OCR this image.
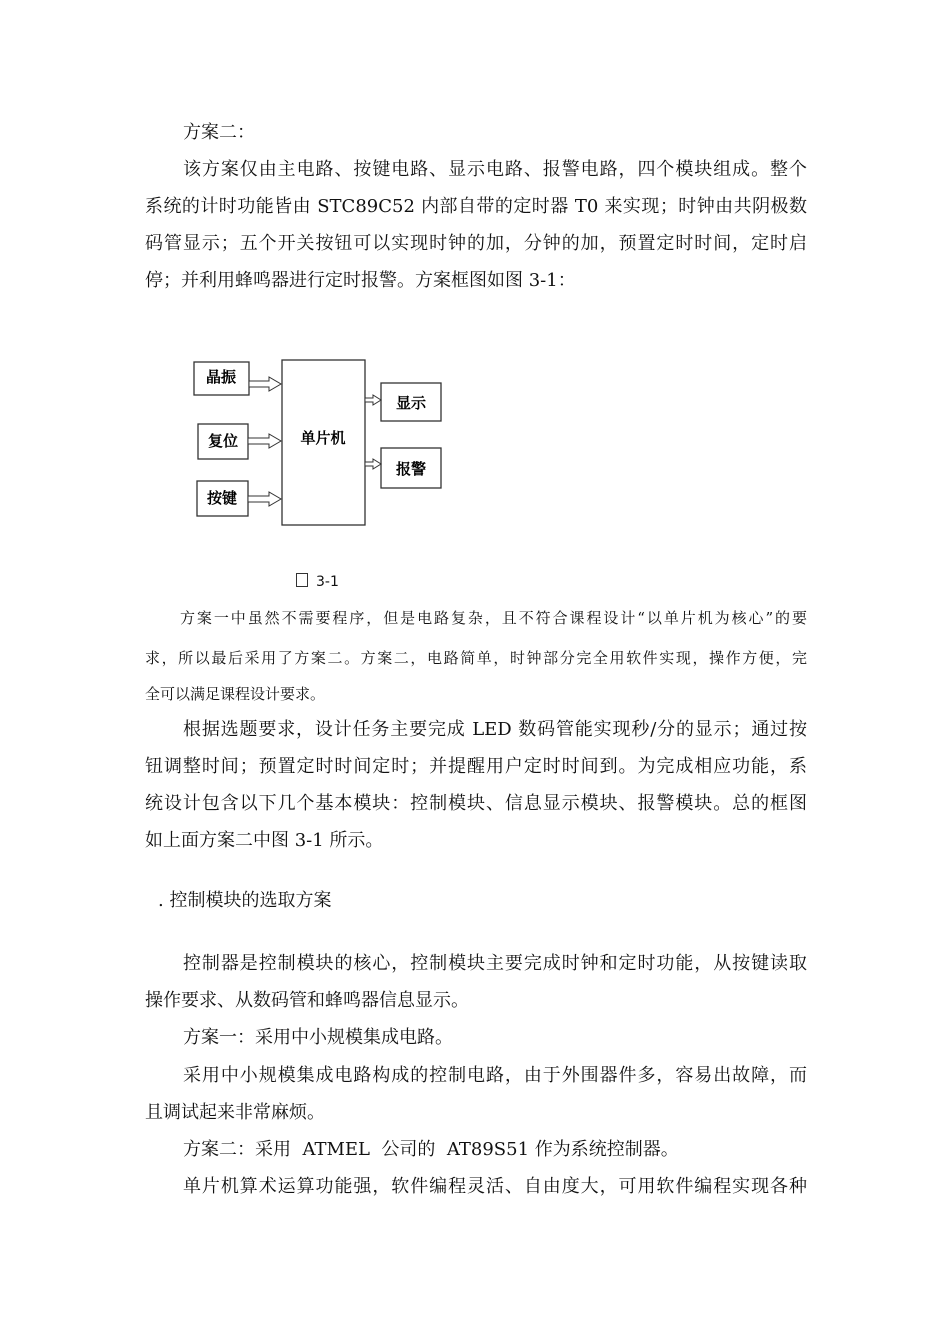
方案二：
该方案仅由主电路、按键电路、显示电路、报警电路，四个模块组成。整个
系统的计时功能皆由 STC89C52 内部自带的定时器 T0 来实现；时钟由共阴极数
码管显示；五个开关按钮可以实现时钟的加，分钟的加，预置定时时间，定时启
停；并利用蜂鸣器进行定时报警。方案框图如图 3-1：
晶振
复位
按键
单片机
显示
报警
3-1
方案一中虽然不需要程序，但是电路复杂，且不符合课程设计“以单片机为核心”的要
求，所以最后采用了方案二。方案二，电路简单，时钟部分完全用软件实现，操作方便，完
全可以满足课程设计要求。
根据选题要求，设计任务主要完成 LED 数码管能实现秒/分的显示；通过按
钮调整时间；预置定时时间定时；并提醒用户定时时间到。为完成相应功能，系
统设计包含以下几个基本模块：控制模块、信息显示模块、报警模块。总的框图
如上面方案二中图 3-1 所示。
. 控制模块的选取方案
控制器是控制模块的核心，控制模块主要完成时钟和定时功能，从按键读取
操作要求、从数码管和蜂鸣器信息显示。
方案一：采用中小规模集成电路。
采用中小规模集成电路构成的控制电路，由于外围器件多，容易出故障，而
且调试起来非常麻烦。
方案二：采用  ATMEL  公司的  AT89S51 作为系统控制器。
单片机算术运算功能强，软件编程灵活、自由度大，可用软件编程实现各种
